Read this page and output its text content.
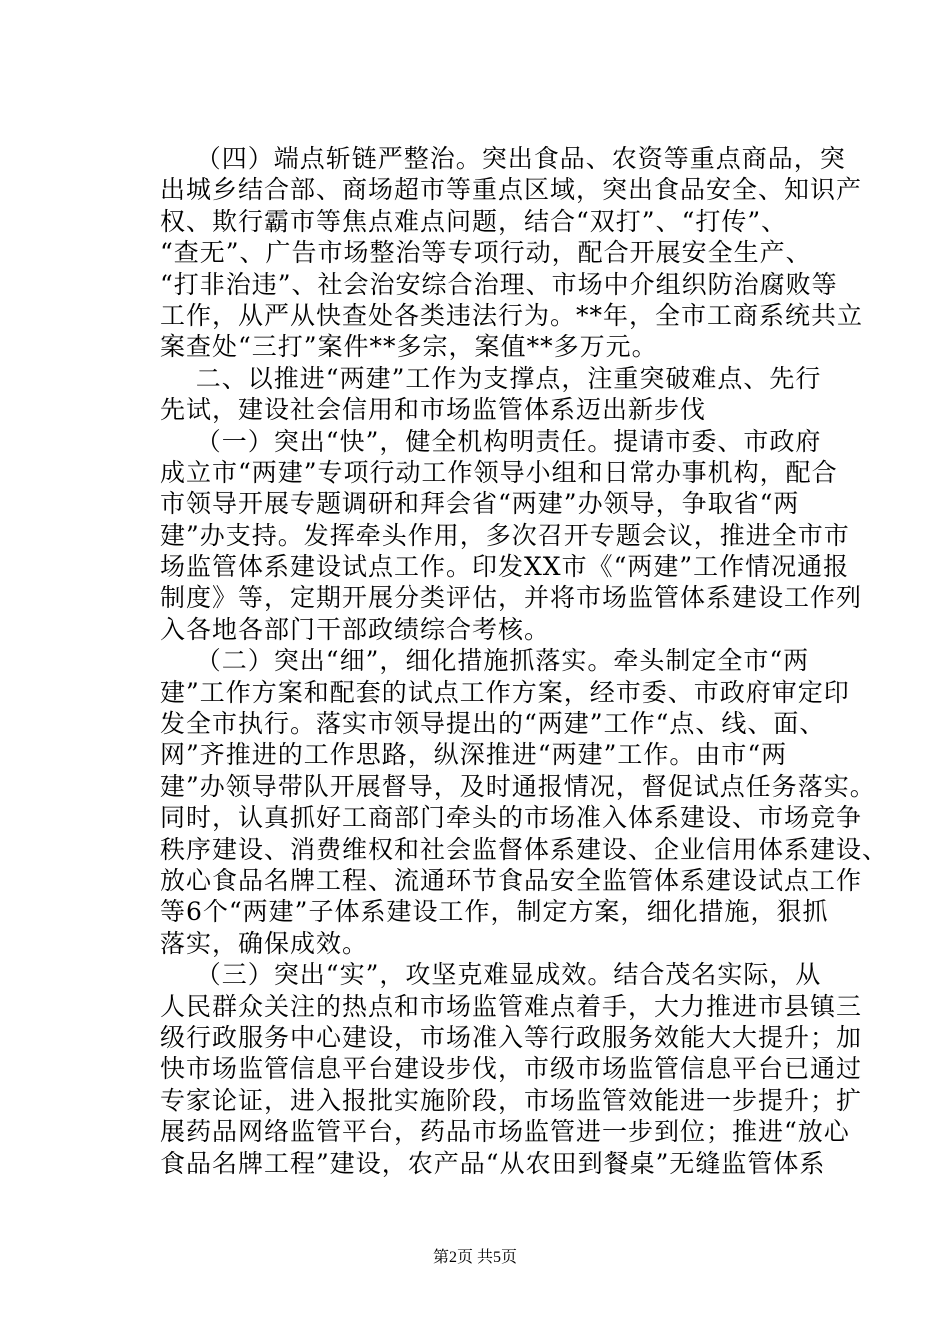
（四）端点斩链严整治。突出食品、农资等重点商品，突
出城乡结合部、商场超市等重点区域，突出食品安全、知识产
权、欺行霸市等焦点难点问题，结合“双打”、“打传”、
“查无”、广告市场整治等专项行动，配合开展安全生产、
“打非治违”、社会治安综合治理、市场中介组织防治腐败等
工作，从严从快查处各类违法行为。**年，全市工商系统共立
案查处“三打”案件**多宗，案值**多万元。
二、以推进“两建”工作为支撑点，注重突破难点、先行
先试，建设社会信用和市场监管体系迈出新步伐
（一）突出“快”，健全机构明责任。提请市委、市政府
成立市“两建”专项行动工作领导小组和日常办事机构，配合
市领导开展专题调研和拜会省“两建”办领导，争取省“两
建”办支持。发挥牵头作用，多次召开专题会议，推进全市市
场监管体系建设试点工作。印发XX市《“两建”工作情况通报
制度》等，定期开展分类评估，并将市场监管体系建设工作列
入各地各部门干部政绩综合考核。
（二）突出“细”，细化措施抓落实。牵头制定全市“两
建”工作方案和配套的试点工作方案，经市委、市政府审定印
发全市执行。落实市领导提出的“两建”工作“点、线、面、
网”齐推进的工作思路，纵深推进“两建”工作。由市“两
建”办领导带队开展督导，及时通报情况，督促试点任务落实。
同时，认真抓好工商部门牵头的市场准入体系建设、市场竞争
秩序建设、消费维权和社会监督体系建设、企业信用体系建设、
放心食品名牌工程、流通环节食品安全监管体系建设试点工作
等6个“两建”子体系建设工作，制定方案，细化措施，狠抓
落实，确保成效。
（三）突出“实”，攻坚克难显成效。结合茂名实际，从
人民群众关注的热点和市场监管难点着手，大力推进市县镇三
级行政服务中心建设，市场准入等行政服务效能大大提升；加
快市场监管信息平台建设步伐，市级市场监管信息平台已通过
专家论证，进入报批实施阶段，市场监管效能进一步提升；扩
展药品网络监管平台，药品市场监管进一步到位；推进“放心
食品名牌工程”建设，农产品“从农田到餐桌”无缝监管体系
第2页 共5页
